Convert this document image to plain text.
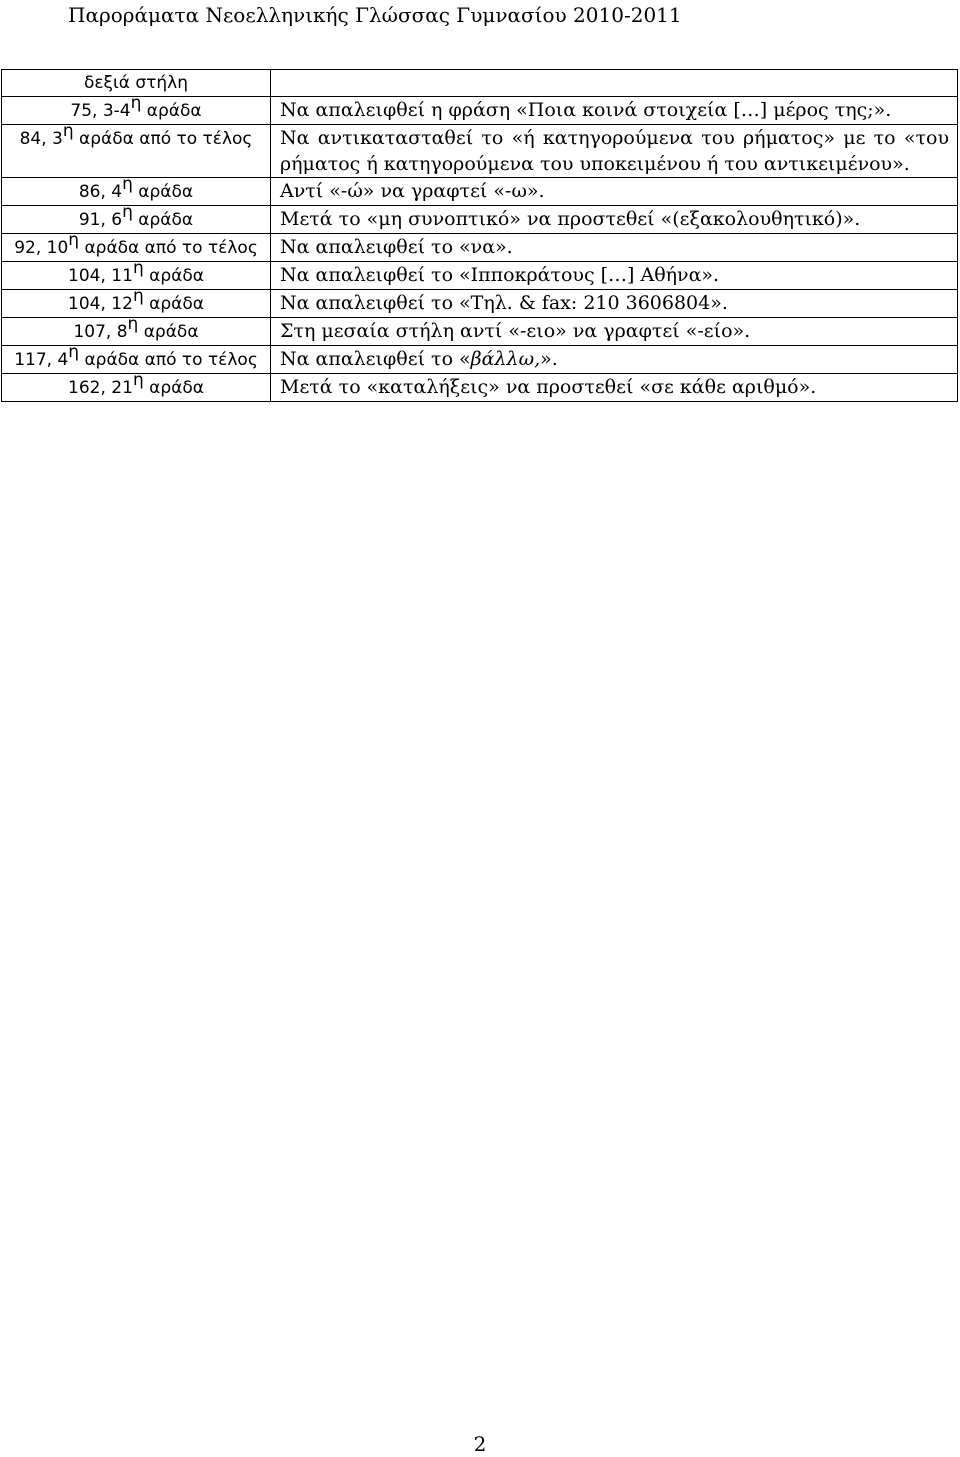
Παροράματα Νεοελληνικής Γλώσσας Γυμνασίου 2010-2011
δεξιά στήλη	
75, 3-4η αράδα	Να απαλειφθεί η φράση «Ποια κοινά στοιχεία […] μέρος της;».
84, 3η αράδα από το τέλος	Να αντικατασταθεί το «ή κατηγορούμενα του ρήματος» με το «του ρήματος ή κατηγορούμενα του υποκειμένου ή του αντικειμένου».
86, 4η αράδα	Αντί «-ώ» να γραφτεί «-ω».
91, 6η αράδα	Μετά το «μη συνοπτικό» να προστεθεί «(εξακολουθητικό)».
92, 10η αράδα από το τέλος	Να απαλειφθεί το «να».
104, 11η αράδα	Να απαλειφθεί το «Ιπποκράτους […] Αθήνα».
104, 12η αράδα	Να απαλειφθεί το «Τηλ. & fax: 210 3606804».
107, 8η αράδα	Στη μεσαία στήλη αντί «-ειο» να γραφτεί «-είο».
117, 4η αράδα από το τέλος	Να απαλειφθεί το «βάλλω,».
162, 21η αράδα	Μετά το «καταλήξεις» να προστεθεί «σε κάθε αριθμό».
2
